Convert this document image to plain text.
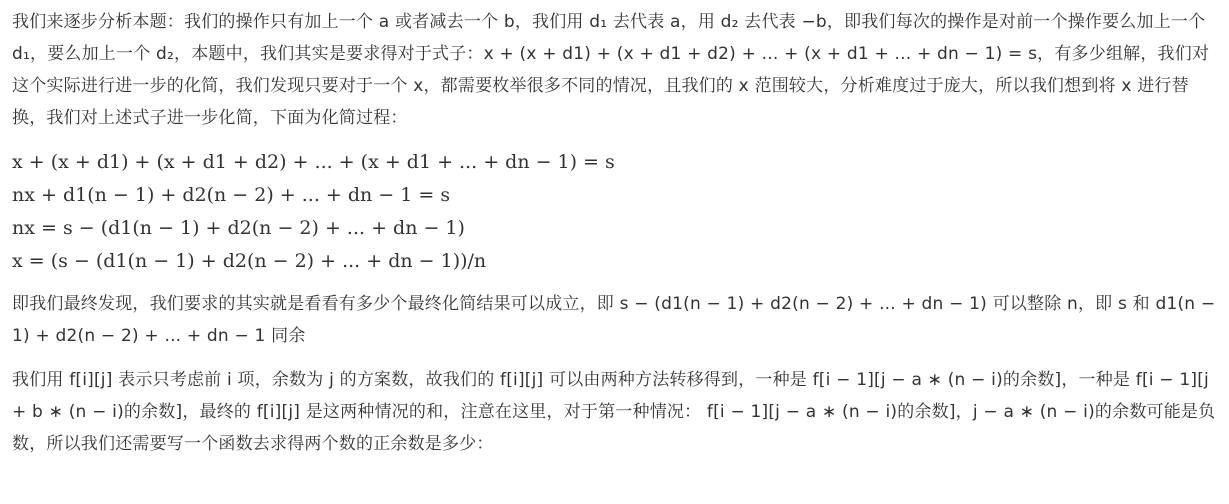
我们来逐步分析本题：我们的操作只有加上一个 a 或者减去一个 b，我们用 d₁ 去代表 a，用 d₂ 去代表 −b，即我们每次的操作是对前一个操作要么加上一个 d₁，要么加上一个 d₂，本题中，我们其实是要求得对于式子：x + (x + d1) + (x + d1 + d2) + ... + (x + d1 + ... + dn − 1) = s，有多少组解，我们对这个实际进行进一步的化简，我们发现只要对于一个 x，都需要枚举很多不同的情况，且我们的 x 范围较大，分析难度过于庞大，所以我们想到将 x 进行替换，我们对上述式子进一步化简，下面为化简过程：

x + (x + d1) + (x + d1 + d2) + ... + (x + d1 + ... + dn − 1) = s
nx + d1(n − 1) + d2(n − 2) + ... + dn − 1 = s
nx = s − (d1(n − 1) + d2(n − 2) + ... + dn − 1)
x = (s − (d1(n − 1) + d2(n − 2) + ... + dn − 1))/n

即我们最终发现，我们要求的其实就是看看有多少个最终化简结果可以成立，即 s − (d1(n − 1) + d2(n − 2) + ... + dn − 1) 可以整除 n，即 s 和 d1(n − 1) + d2(n − 2) + ... + dn − 1 同余

我们用 f[i][j] 表示只考虑前 i 项，余数为 j 的方案数，故我们的 f[i][j] 可以由两种方法转移得到，一种是 f[i − 1][j − a ∗ (n − i)的余数]，一种是 f[i − 1][j + b ∗ (n − i)的余数]，最终的 f[i][j] 是这两种情况的和，注意在这里，对于第一种情况： f[i − 1][j − a ∗ (n − i)的余数]，j − a ∗ (n − i)的余数可能是负数，所以我们还需要写一个函数去求得两个数的正余数是多少：
